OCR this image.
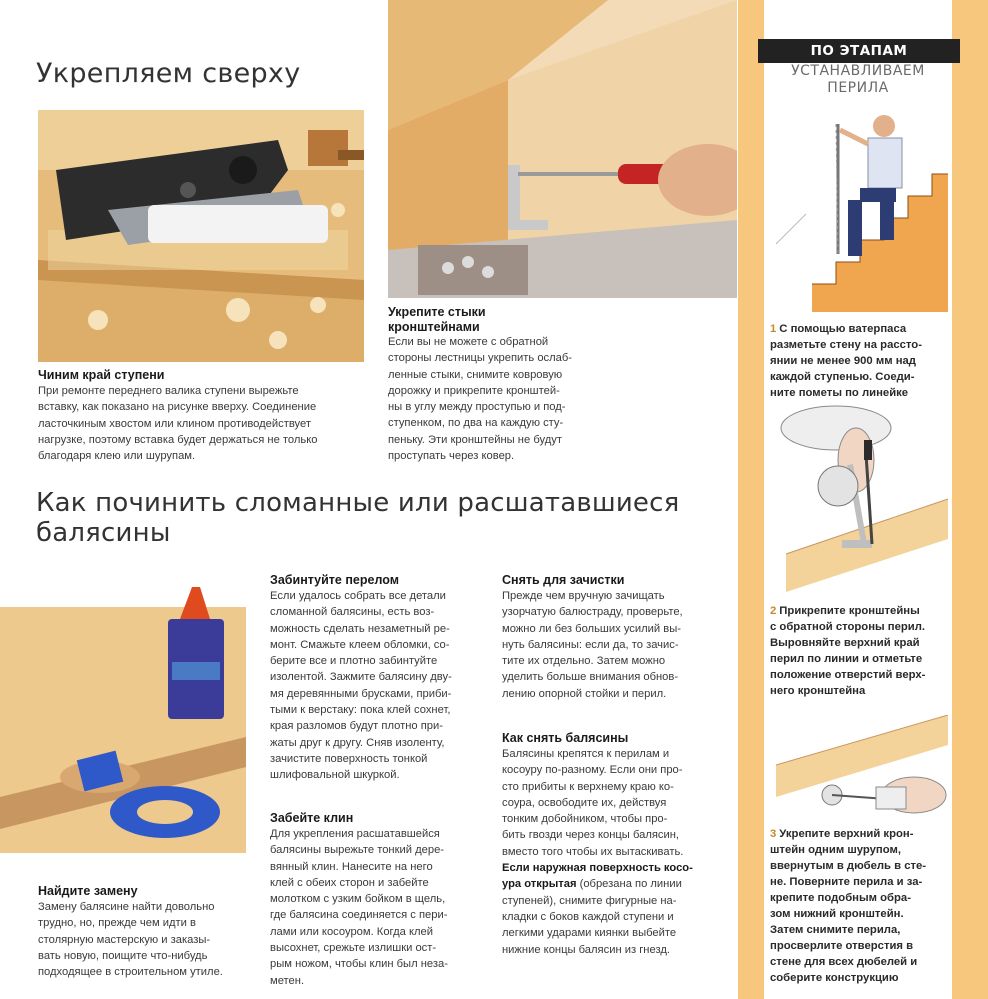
Укрепляем сверху
Чиним край ступени

При ремонте переднего валика ступени вырежьте

вставку, как показано на рисунке вверху. Соединение

ласточкиным хвостом или клином противодействует

нагрузке, поэтому вставка будет держаться не только

благодаря клею или шурупам.

Укрепите стыки
кронштейнами

Если вы не можете с обратной

стороны лестницы укрепить ослаб-

ленные стыки, снимите ковровую

дорожку и прикрепите кронштей-

ны в углу между проступью и под-

ступенком, по два на каждую сту-

пеньку. Эти кронштейны не будут

проступать через ковер.

Как починить сломанные или расшатавшиеся
балясины
Найдите замену

Замену балясине найти довольно

трудно, но, прежде чем идти в

столярную мастерскую и заказы-

вать новую, поищите что-нибудь

подходящее в строительном утиле.

Забинтуйте перелом

Если удалось собрать все детали

сломанной балясины, есть воз-

можность сделать незаметный ре-

монт. Смажьте клеем обломки, со-

берите все и плотно забинтуйте

изолентой. Зажмите балясину дву-

мя деревянными брусками, приби-

тыми к верстаку: пока клей сохнет,

края разломов будут плотно при-

жаты друг к другу. Сняв изоленту,

зачистите поверхность тонкой

шлифовальной шкуркой.

Забейте клин

Для укрепления расшатавшейся

балясины вырежьте тонкий дере-

вянный клин. Нанесите на него

клей с обеих сторон и забейте

молотком с узким бойком в щель,

где балясина соединяется с пери-

лами или косоуром. Когда клей

высохнет, срежьте излишки ост-

рым ножом, чтобы клин был неза-

метен.

Снять для зачистки

Прежде чем вручную зачищать

узорчатую балюстраду, проверьте,

можно ли без больших усилий вы-

нуть балясины: если да, то зачис-

тите их отдельно. Затем можно

уделить больше внимания обнов-

лению опорной стойки и перил.

Как снять балясины

Балясины крепятся к перилам и

косоуру по-разному. Если они про-

сто прибиты к верхнему краю ко-

соура, освободите их, действуя

тонким добойником, чтобы про-

бить гвозди через концы балясин,

вместо того чтобы их вытаскивать.

Если наружная поверхность косо-

ура открытая (обрезана по линии

ступеней), снимите фигурные на-

кладки с боков каждой ступени и

легкими ударами киянки выбейте

нижние концы балясин из гнезд.

ПО ЭТАПАМ
УСТАНАВЛИВАЕМ
ПЕРИЛА
1 С помощью ватерпаса
разметьте стену на рассто-
янии не менее 900 мм над
каждой ступенью. Соеди-
ните пометы по линейке
2 Прикрепите кронштейны
с обратной стороны перил.
Выровняйте верхний край
перил по линии и отметьте
положение отверстий верх-
него кронштейна
3 Укрепите верхний крон-
штейн одним шурупом,
ввернутым в дюбель в сте-
не. Поверните перила и за-
крепите подобным обра-
зом нижний кронштейн.
Затем снимите перила,
просверлите отверстия в
стене для всех дюбелей и
соберите конструкцию
